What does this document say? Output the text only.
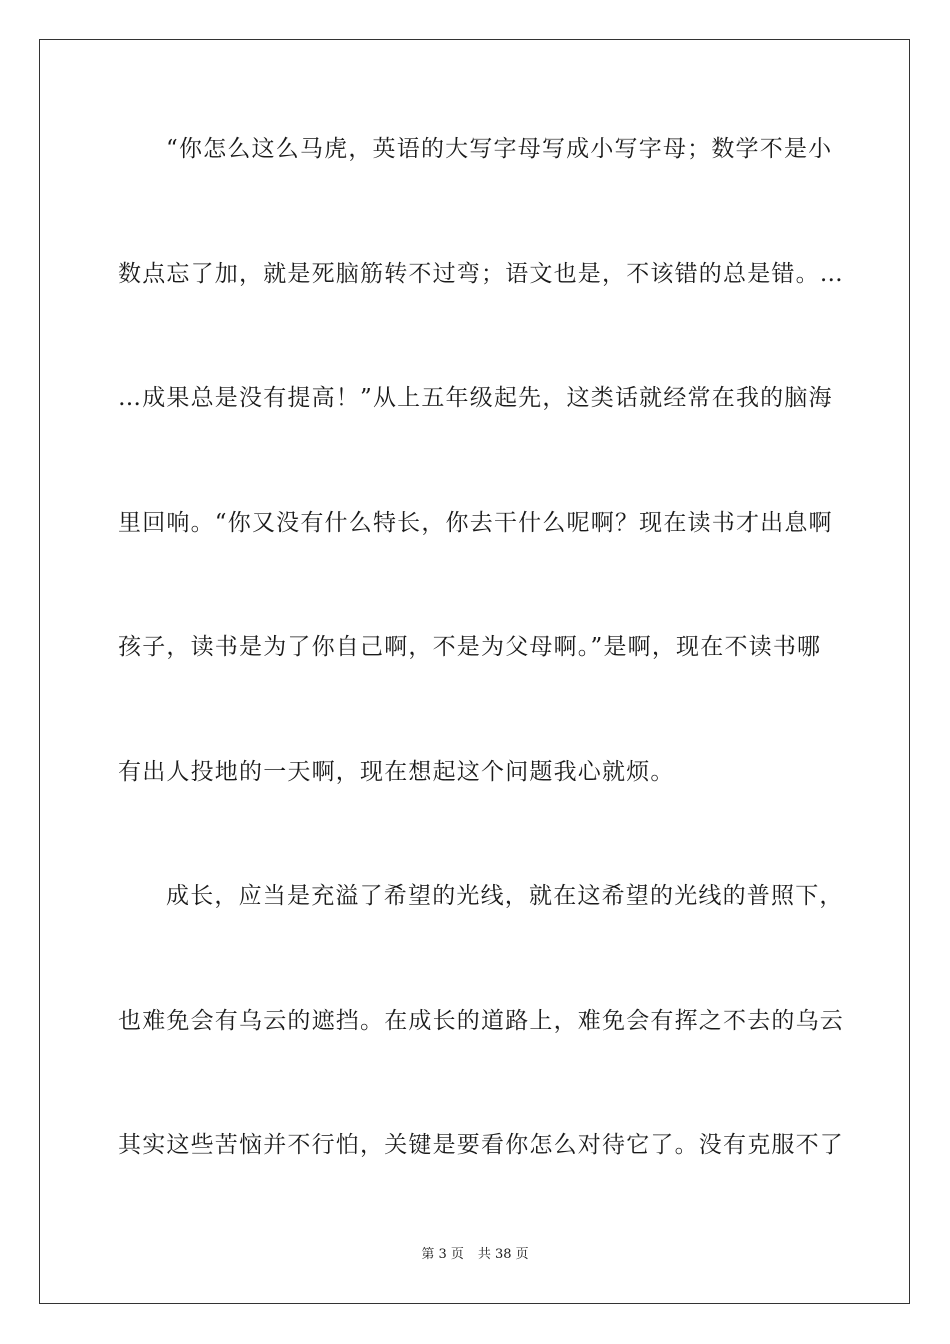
“你怎么这么马虎，英语的大写字母写成小写字母；数学不是小
数点忘了加，就是死脑筋转不过弯；语文也是，不该错的总是错。…
…成果总是没有提高！”从上五年级起先，这类话就经常在我的脑海
里回响。“你又没有什么特长，你去干什么呢啊？现在读书才出息啊
孩子，读书是为了你自己啊，不是为父母啊。”是啊，现在不读书哪
有出人投地的一天啊，现在想起这个问题我心就烦。
成长，应当是充溢了希望的光线，就在这希望的光线的普照下，
也难免会有乌云的遮挡。在成长的道路上，难免会有挥之不去的乌云
其实这些苦恼并不行怕，关键是要看你怎么对待它了。没有克服不了
第 3 页 共 38 页
